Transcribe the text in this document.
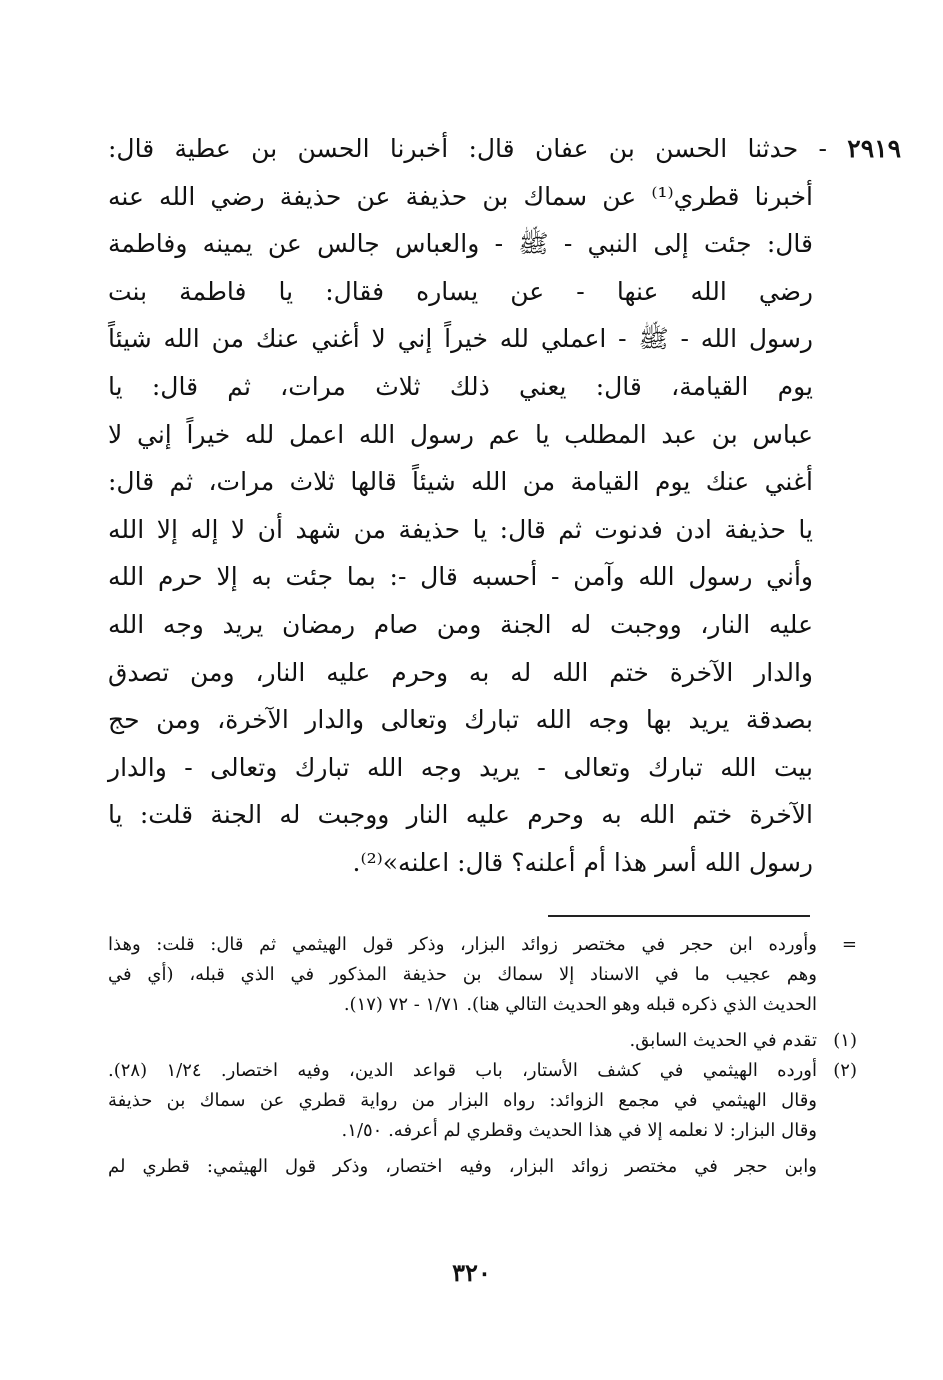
٢٩١٩ - حدثنا الحسن بن عفان قال: أخبرنا الحسن بن عطية قال:
أخبرنا قطري⁽¹⁾ عن سماك بن حذيفة عن حذيفة رضي الله عنه
قال: جئت إلى النبي - ﷺ - والعباس جالس عن يمينه وفاطمة
رضي الله عنها - عن يساره فقال: يا فاطمة بنت
رسول الله - ﷺ - اعملي لله خيراً إني لا أغني عنك من الله شيئاً
يوم القيامة، قال: يعني ذلك ثلاث مرات، ثم قال: يا
عباس بن عبد المطلب يا عم رسول الله اعمل لله خيراً إني لا
أغني عنك يوم القيامة من الله شيئاً قالها ثلاث مرات، ثم قال:
يا حذيفة ادن فدنوت ثم قال: يا حذيفة من شهد أن لا إله إلا الله
وأني رسول الله وآمن - أحسبه قال -: بما جئت به إلا حرم الله
عليه النار، ووجبت له الجنة ومن صام رمضان يريد وجه الله
والدار الآخرة ختم الله له به وحرم عليه النار، ومن تصدق
بصدقة يريد بها وجه الله تبارك وتعالى والدار الآخرة، ومن حج
بيت الله تبارك وتعالى - يريد وجه الله تبارك وتعالى - والدار
الآخرة ختم الله به وحرم عليه النار ووجبت له الجنة قلت: يا
رسول الله أسر هذا أم أعلنه؟ قال: اعلنه»⁽²⁾.
=
وأورده ابن حجر في مختصر زوائد البزار، وذكر قول الهيثمي ثم قال: قلت: وهذا
وهم عجيب ما في الاسناد إلا سماك بن حذيفة المذكور في الذي قبله، (أي في
الحديث الذي ذكره قبله وهو الحديث التالي هنا). ١/٧١ - ٧٢ (١٧).
(١)
تقدم في الحديث السابق.
(٢)
أورده الهيثمي في كشف الأستار، باب قواعد الدين، وفيه اختصار. ١/٢٤ (٢٨).
وقال الهيثمي في مجمع الزوائد: رواه البزار من رواية قطري عن سماك بن حذيفة
وقال البزار: لا نعلمه إلا في هذا الحديث وقطري لم أعرفه. ١/٥٠.
وابن حجر في مختصر زوائد البزار، وفيه اختصار، وذكر قول الهيثمي: قطري لم
٣٢٠
